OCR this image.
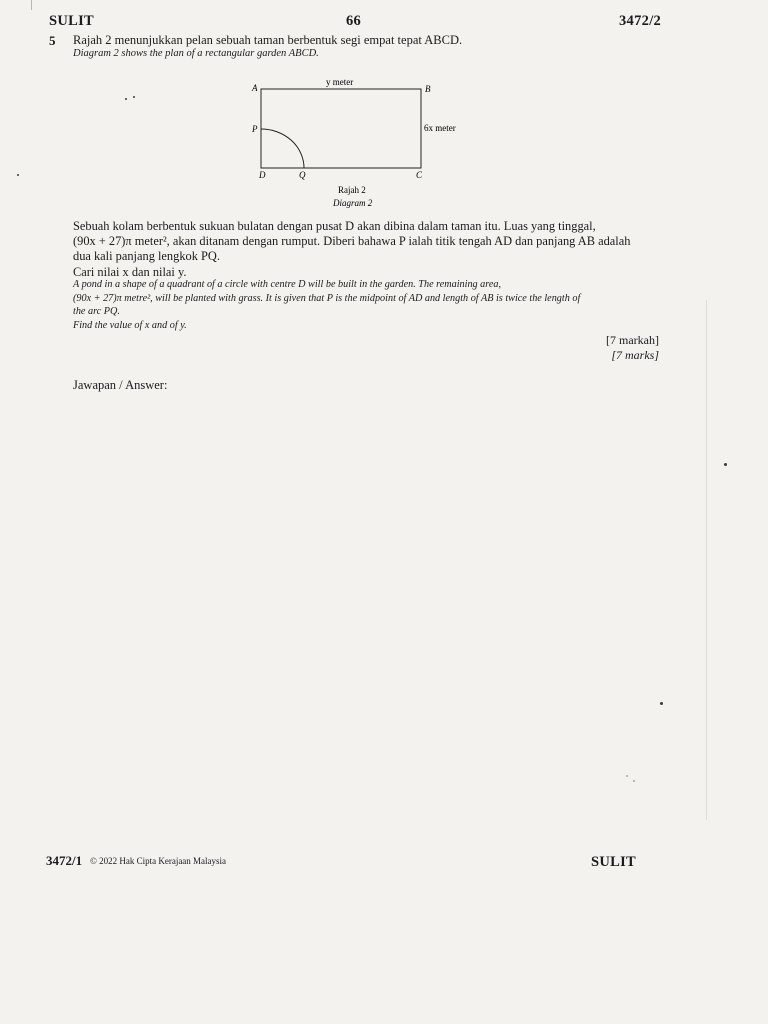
SULIT	66	3472/2
5 Rajah 2 menunjukkan pelan sebuah taman berbentuk segi empat tepat ABCD.
Diagram 2 shows the plan of a rectangular garden ABCD.
A	B
C
D
P
Q
y meter
6x meter
Rajah 2
Diagram 2
Sebuah kolam berbentuk sukuan bulatan dengan pusat D akan dibina dalam taman itu. Luas yang tinggal,
(90x + 27)π meter², akan ditanam dengan rumput. Diberi bahawa P ialah titik tengah AD dan panjang AB adalah
dua kali panjang lengkok PQ.
Cari nilai x dan nilai y.
A pond in a shape of a quadrant of a circle with centre D will be built in the garden. The remaining area,
(90x + 27)π metre², will be planted with grass. It is given that P is the midpoint of AD and length of AB is twice the length of
the arc PQ.
Find the value of x and of y.
[7 markah]
[7 marks]
Jawapan / Answer:
3472/1 © 2022 Hak Cipta Kerajaan Malaysia	SULIT
